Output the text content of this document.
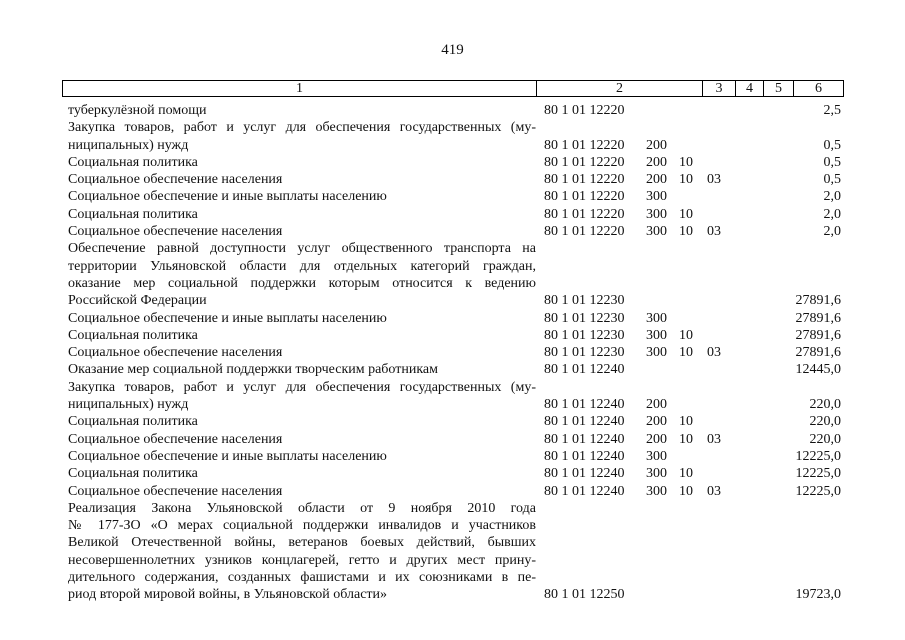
419
1	2	3	4	5	6
туберкулёзной помощи	80 1 01 12220	2,5
Закупка товаров, работ и услуг для обеспечения государственных (му-
ниципальных) нужд	80 1 01 12220 200	0,5
Социальная политика	80 1 01 12220 200 10	0,5
Социальное обеспечение населения	80 1 01 12220 200 10 03	0,5
Социальное обеспечение и иные выплаты населению	80 1 01 12220 300	2,0
Социальная политика	80 1 01 12220 300 10	2,0
Социальное обеспечение населения	80 1 01 12220 300 10 03	2,0
Обеспечение равной доступности услуг общественного транспорта на
территории Ульяновской области для отдельных категорий граждан,
оказание мер социальной поддержки которым относится к ведению
Российской Федерации	80 1 01 12230	27891,6
Социальное обеспечение и иные выплаты населению	80 1 01 12230 300	27891,6
Социальная политика	80 1 01 12230 300 10	27891,6
Социальное обеспечение населения	80 1 01 12230 300 10 03	27891,6
Оказание мер социальной поддержки творческим работникам	80 1 01 12240	12445,0
Закупка товаров, работ и услуг для обеспечения государственных (му-
ниципальных) нужд	80 1 01 12240 200	220,0
Социальная политика	80 1 01 12240 200 10	220,0
Социальное обеспечение населения	80 1 01 12240 200 10 03	220,0
Социальное обеспечение и иные выплаты населению	80 1 01 12240 300	12225,0
Социальная политика	80 1 01 12240 300 10	12225,0
Социальное обеспечение населения	80 1 01 12240 300 10 03	12225,0
Реализация Закона Ульяновской области от 9 ноября 2010 года
№ 177-ЗО «О мерах социальной поддержки инвалидов и участников
Великой Отечественной войны, ветеранов боевых действий, бывших
несовершеннолетних узников концлагерей, гетто и других мест прину-
дительного содержания, созданных фашистами и их союзниками в пе-
риод второй мировой войны, в Ульяновской области»	80 1 01 12250	19723,0
